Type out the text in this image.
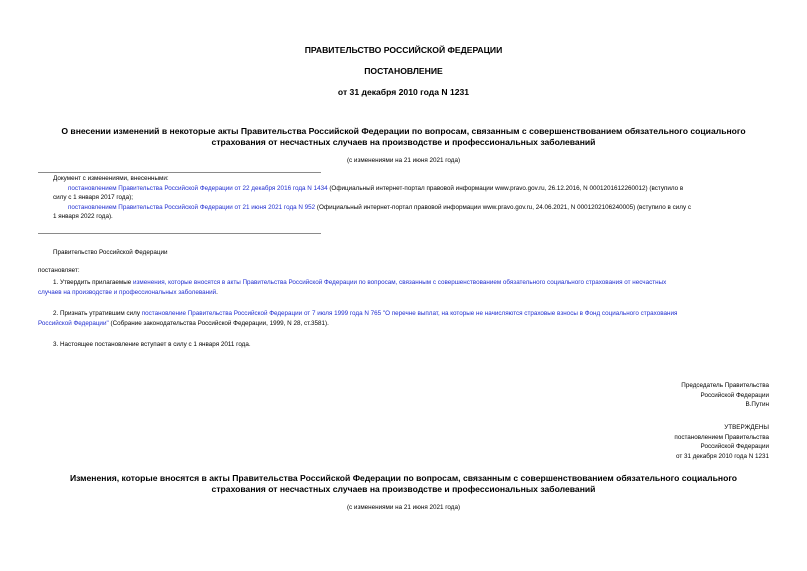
ПРАВИТЕЛЬСТВО РОССИЙСКОЙ ФЕДЕРАЦИИ
ПОСТАНОВЛЕНИЕ
от 31 декабря 2010 года N 1231
О внесении изменений в некоторые акты Правительства Российской Федерации по вопросам, связанным с совершенствованием обязательного социального
страхования от несчастных случаев на производстве и профессиональных заболеваний
(с изменениями на 21 июня 2021 года)
Документ с изменениями, внесенными:
постановлением Правительства Российской Федерации от 22 декабря 2016 года N 1434 (Официальный интернет-портал правовой информации www.pravo.gov.ru, 26.12.2016, N 0001201612260012) (вступило в
силу с 1 января 2017 года);
постановлением Правительства Российской Федерации от 21 июня 2021 года N 952 (Официальный интернет-портал правовой информации www.pravo.gov.ru, 24.06.2021, N 0001202106240005) (вступило в силу с
1 января 2022 года).
Правительство Российской Федерации
постановляет:
1. Утвердить прилагаемые изменения, которые вносятся в акты Правительства Российской Федерации по вопросам, связанным с совершенствованием обязательного социального страхования от несчастных
случаев на производстве и профессиональных заболеваний.
2. Признать утратившим силу постановление Правительства Российской Федерации от 7 июля 1999 года N 765 "О перечне выплат, на которые не начисляются страховые взносы в Фонд социального страхования
Российской Федерации" (Собрание законодательства Российской Федерации, 1999, N 28, ст.3581).
3. Настоящее постановление вступает в силу с 1 января 2011 года.
Председатель Правительства
Российской Федерации
В.Путин
УТВЕРЖДЕНЫ
постановлением Правительства
Российской Федерации
от 31 декабря 2010 года N 1231
Изменения, которые вносятся в акты Правительства Российской Федерации по вопросам, связанным с совершенствованием обязательного социального
страхования от несчастных случаев на производстве и профессиональных заболеваний
(с изменениями на 21 июня 2021 года)
